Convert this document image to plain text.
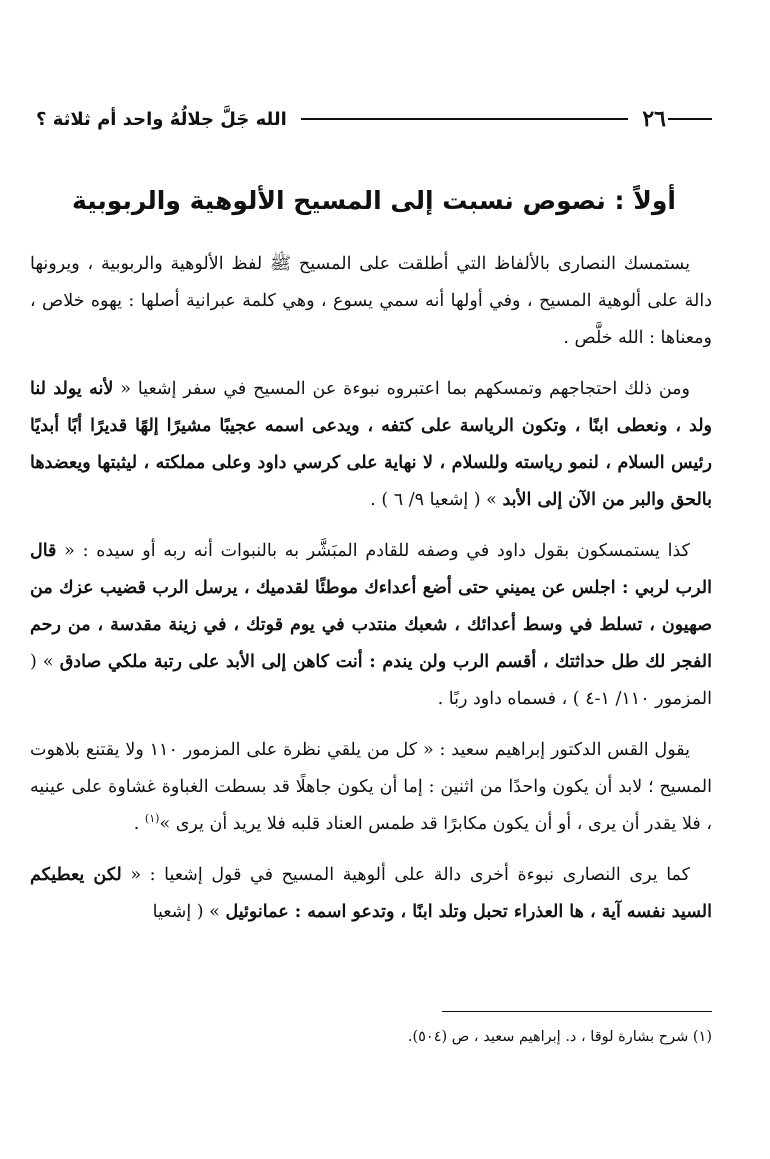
٢٦
الله جَلَّ جلالُهُ واحد أم ثلاثة ؟
أولاً : نصوص نسبت إلى المسيح الألوهية والربوبية

يستمسك النصارى بالألفاظ التي أطلقت على المسيح ﷺ لفظ الألوهية والربوبية ، ويرونها دالة على ألوهية المسيح ، وفي أولها أنه سمي يسوع ، وهي كلمة عبرانية أصلها : يهوه خلاص ، ومعناها : الله خلَّص .

ومن ذلك احتجاجهم وتمسكهم بما اعتبروه نبوءة عن المسيح في سفر إشعيا « لأنه يولد لنا ولد ، ونعطى ابنًا ، وتكون الرياسة على كتفه ، ويدعى اسمه عجيبًا مشيرًا إلهًا قديرًا أبًا أبديًا رئيس السلام ، لنمو رياسته وللسلام ، لا نهاية على كرسي داود وعلى مملكته ، ليثبتها ويعضدها بالحق والبر من الآن إلى الأبد » ( إشعيا ٩/ ٦ ) .

كذا يستمسكون بقول داود في وصفه للقادم المبَشَّر به بالنبوات أنه ربه أو سيده : « قال الرب لربي : اجلس عن يميني حتى أضع أعداءك موطئًا لقدميك ، يرسل الرب قضيب عزك من صهيون ، تسلط في وسط أعدائك ، شعبك منتدب في يوم قوتك ، في زينة مقدسة ، من رحم الفجر لك طل حداثتك ، أقسم الرب ولن يندم : أنت كاهن إلى الأبد على رتبة ملكي صادق » ( المزمور ١١٠/ ١-٤ ) ، فسماه داود ربًا .

يقول القس الدكتور إبراهيم سعيد : « كل من يلقي نظرة على المزمور ١١٠ ولا يقتنع بلاهوت المسيح ؛ لابد أن يكون واحدًا من اثنين : إما أن يكون جاهلًا قد بسطت الغباوة غشاوة على عينيه ، فلا يقدر أن يرى ، أو أن يكون مكابرًا قد طمس العناد قلبه فلا يريد أن يرى »$^{(١)}$ .

كما يرى النصارى نبوءة أخرى دالة على ألوهية المسيح في قول إشعيا : « لكن يعطيكم السيد نفسه آية ، ها العذراء تحبل وتلد ابنًا ، وتدعو اسمه : عمانوئيل » ( إشعيا

(١) شرح بشارة لوقا ، د. إبراهيم سعيد ، ص (٥٠٤).
